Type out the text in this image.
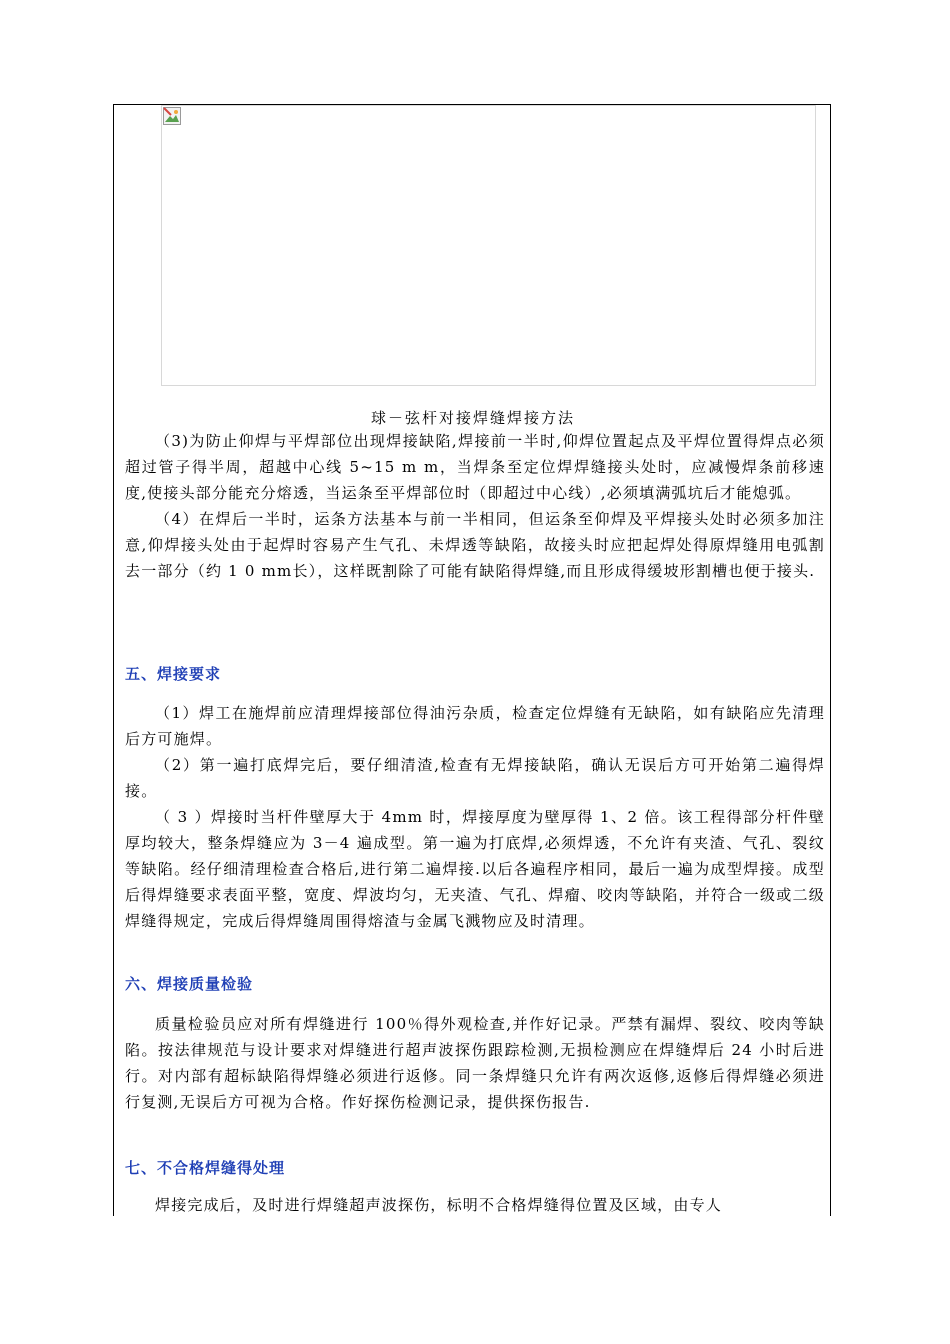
球－弦杆对接焊缝焊接方法

（3)为防止仰焊与平焊部位出现焊接缺陷,焊接前一半时,仰焊位置起点及平焊位置得焊点必须超过管子得半周，超越中心线 5~15 m m，当焊条至定位焊焊缝接头处时，应减慢焊条前移速度,使接头部分能充分熔透，当运条至平焊部位时（即超过中心线）,必须填满弧坑后才能熄弧。

（4）在焊后一半时，运条方法基本与前一半相同，但运条至仰焊及平焊接头处时必须多加注意,仰焊接头处由于起焊时容易产生气孔、未焊透等缺陷，故接头时应把起焊处得原焊缝用电弧割去一部分（约 1 0 mm长），这样既割除了可能有缺陷得焊缝,而且形成得缓坡形割槽也便于接头.

五、焊接要求

（1）焊工在施焊前应清理焊接部位得油污杂质，检查定位焊缝有无缺陷，如有缺陷应先清理后方可施焊。

（2）第一遍打底焊完后，要仔细清渣,检查有无焊接缺陷，确认无误后方可开始第二遍得焊接。

（ 3 ）焊接时当杆件壁厚大于 4mm 时，焊接厚度为壁厚得 1、2 倍。该工程得部分杆件壁厚均较大，整条焊缝应为 3－4 遍成型。第一遍为打底焊,必须焊透，不允许有夹渣、气孔、裂纹等缺陷。经仔细清理检查合格后,进行第二遍焊接.以后各遍程序相同，最后一遍为成型焊接。成型后得焊缝要求表面平整，宽度、焊波均匀，无夹渣、气孔、焊瘤、咬肉等缺陷，并符合一级或二级焊缝得规定，完成后得焊缝周围得熔渣与金属飞溅物应及时清理。

六、焊接质量检验

质量检验员应对所有焊缝进行 100％得外观检查,并作好记录。严禁有漏焊、裂纹、咬肉等缺陷。按法律规范与设计要求对焊缝进行超声波探伤跟踪检测,无损检测应在焊缝焊后 24 小时后进行。对内部有超标缺陷得焊缝必须进行返修。同一条焊缝只允许有两次返修,返修后得焊缝必须进行复测,无误后方可视为合格。作好探伤检测记录，提供探伤报告.

七、不合格焊缝得处理

焊接完成后，及时进行焊缝超声波探伤，标明不合格焊缝得位置及区域，由专人
